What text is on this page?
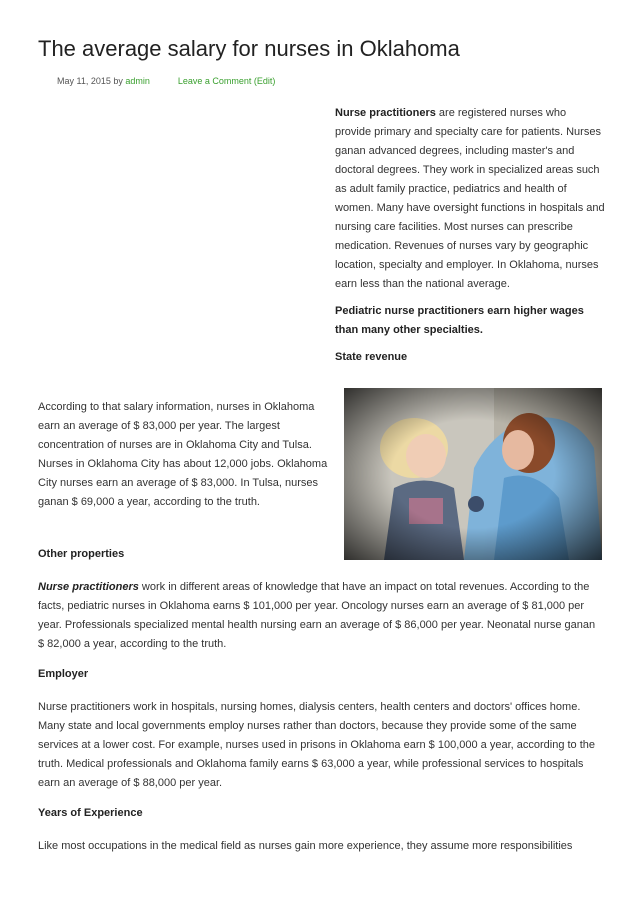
The average salary for nurses in Oklahoma
May 11, 2015 by admin	Leave a Comment (Edit)

Nurse practitioners are registered nurses who provide primary and specialty care for patients. Nurses ganan advanced degrees, including master's and doctoral degrees. They work in specialized areas such as adult family practice, pediatrics and health of women. Many have oversight functions in hospitals and nursing care facilities. Most nurses can prescribe medication. Revenues of nurses vary by geographic location, specialty and employer. In Oklahoma, nurses earn less than the national average.

Pediatric nurse practitioners earn higher wages than many other specialties.

State revenue

According to that salary information, nurses in Oklahoma earn an average of $ 83,000 per year. The largest concentration of nurses are in Oklahoma City and Tulsa. Nurses in Oklahoma City has about 12,000 jobs. Oklahoma City nurses earn an average of $ 83,000. In Tulsa, nurses ganan $ 69,000 a year, according to the truth.

Other properties

Nurse practitioners work in different areas of knowledge that have an impact on total revenues. According to the facts, pediatric nurses in Oklahoma earns $ 101,000 per year. Oncology nurses earn an average of $ 81,000 per year. Professionals specialized mental health nursing earn an average of $ 86,000 per year. Neonatal nurse ganan $ 82,000 a year, according to the truth.

Employer

Nurse practitioners work in hospitals, nursing homes, dialysis centers, health centers and doctors' offices home. Many state and local governments employ nurses rather than doctors, because they provide some of the same services at a lower cost. For example, nurses used in prisons in Oklahoma earn $ 100,000 a year, according to the truth. Medical professionals and Oklahoma family earns $ 63,000 a year, while professional services to hospitals earn an average of $ 88,000 per year.

Years of Experience

Like most occupations in the medical field as nurses gain more experience, they assume more responsibilities
